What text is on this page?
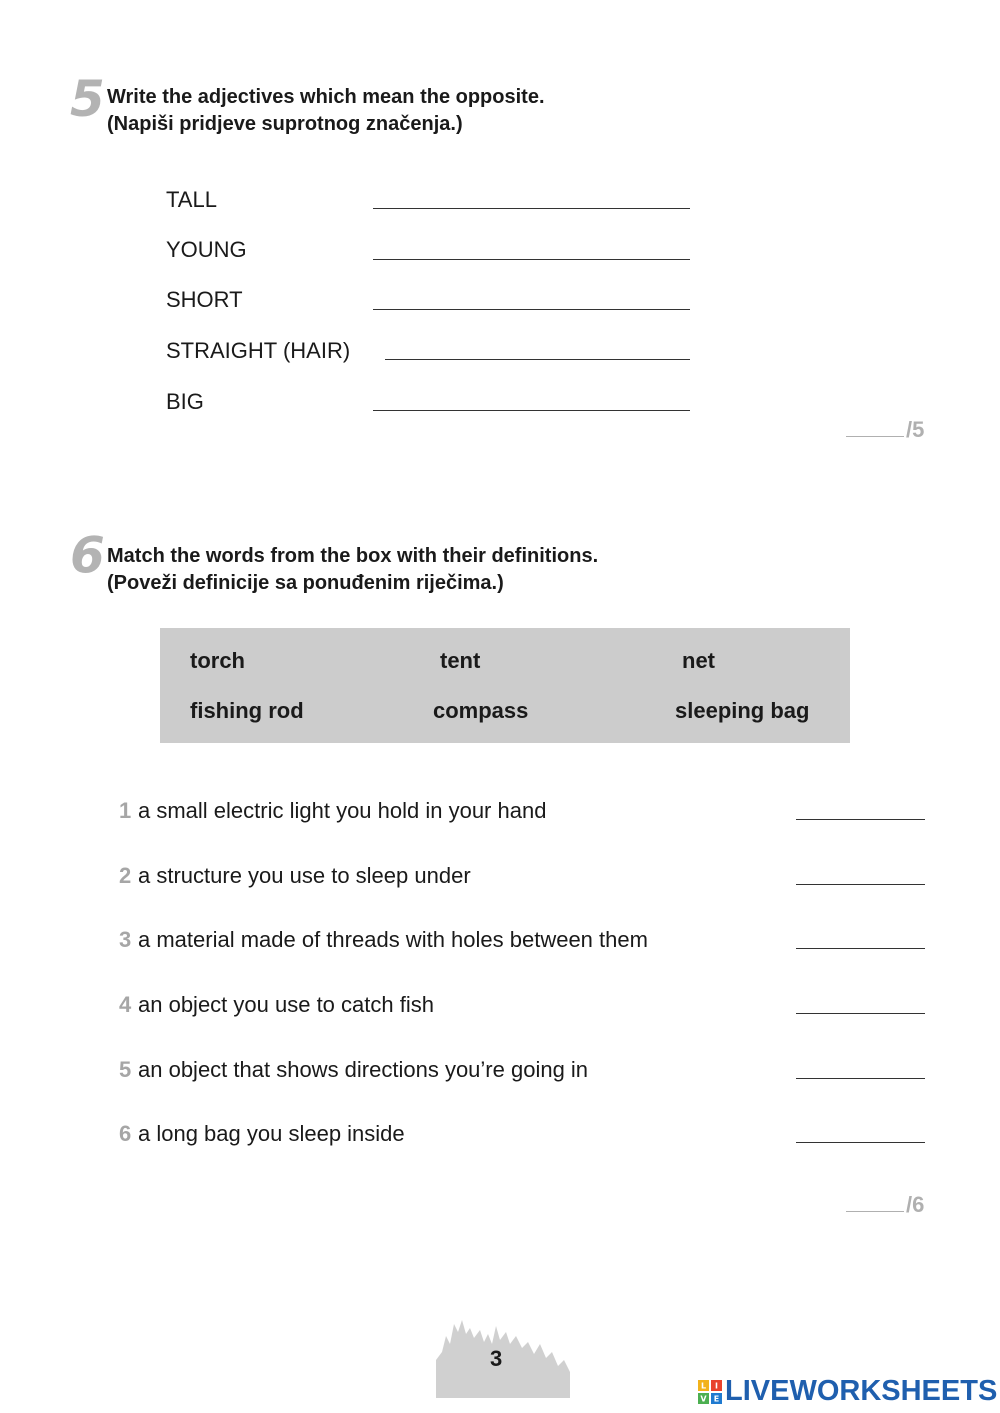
5 Write the adjectives which mean the opposite.
(Napiši pridjeve suprotnog značenja.)
TALL
YOUNG
SHORT
STRAIGHT (HAIR)
BIG
/5
6 Match the words from the box with their definitions.
(Poveži definicije sa ponuđenim riječima.)
torch	tent	net
fishing rod	compass	sleeping bag
1 a small electric light you hold in your hand
2 a structure you use to sleep under
3 a material made of threads with holes between them
4 an object you use to catch fish
5 an object that shows directions you’re going in
6 a long bag you sleep inside
/6
3
L I
V E LIVEWORKSHEETS
